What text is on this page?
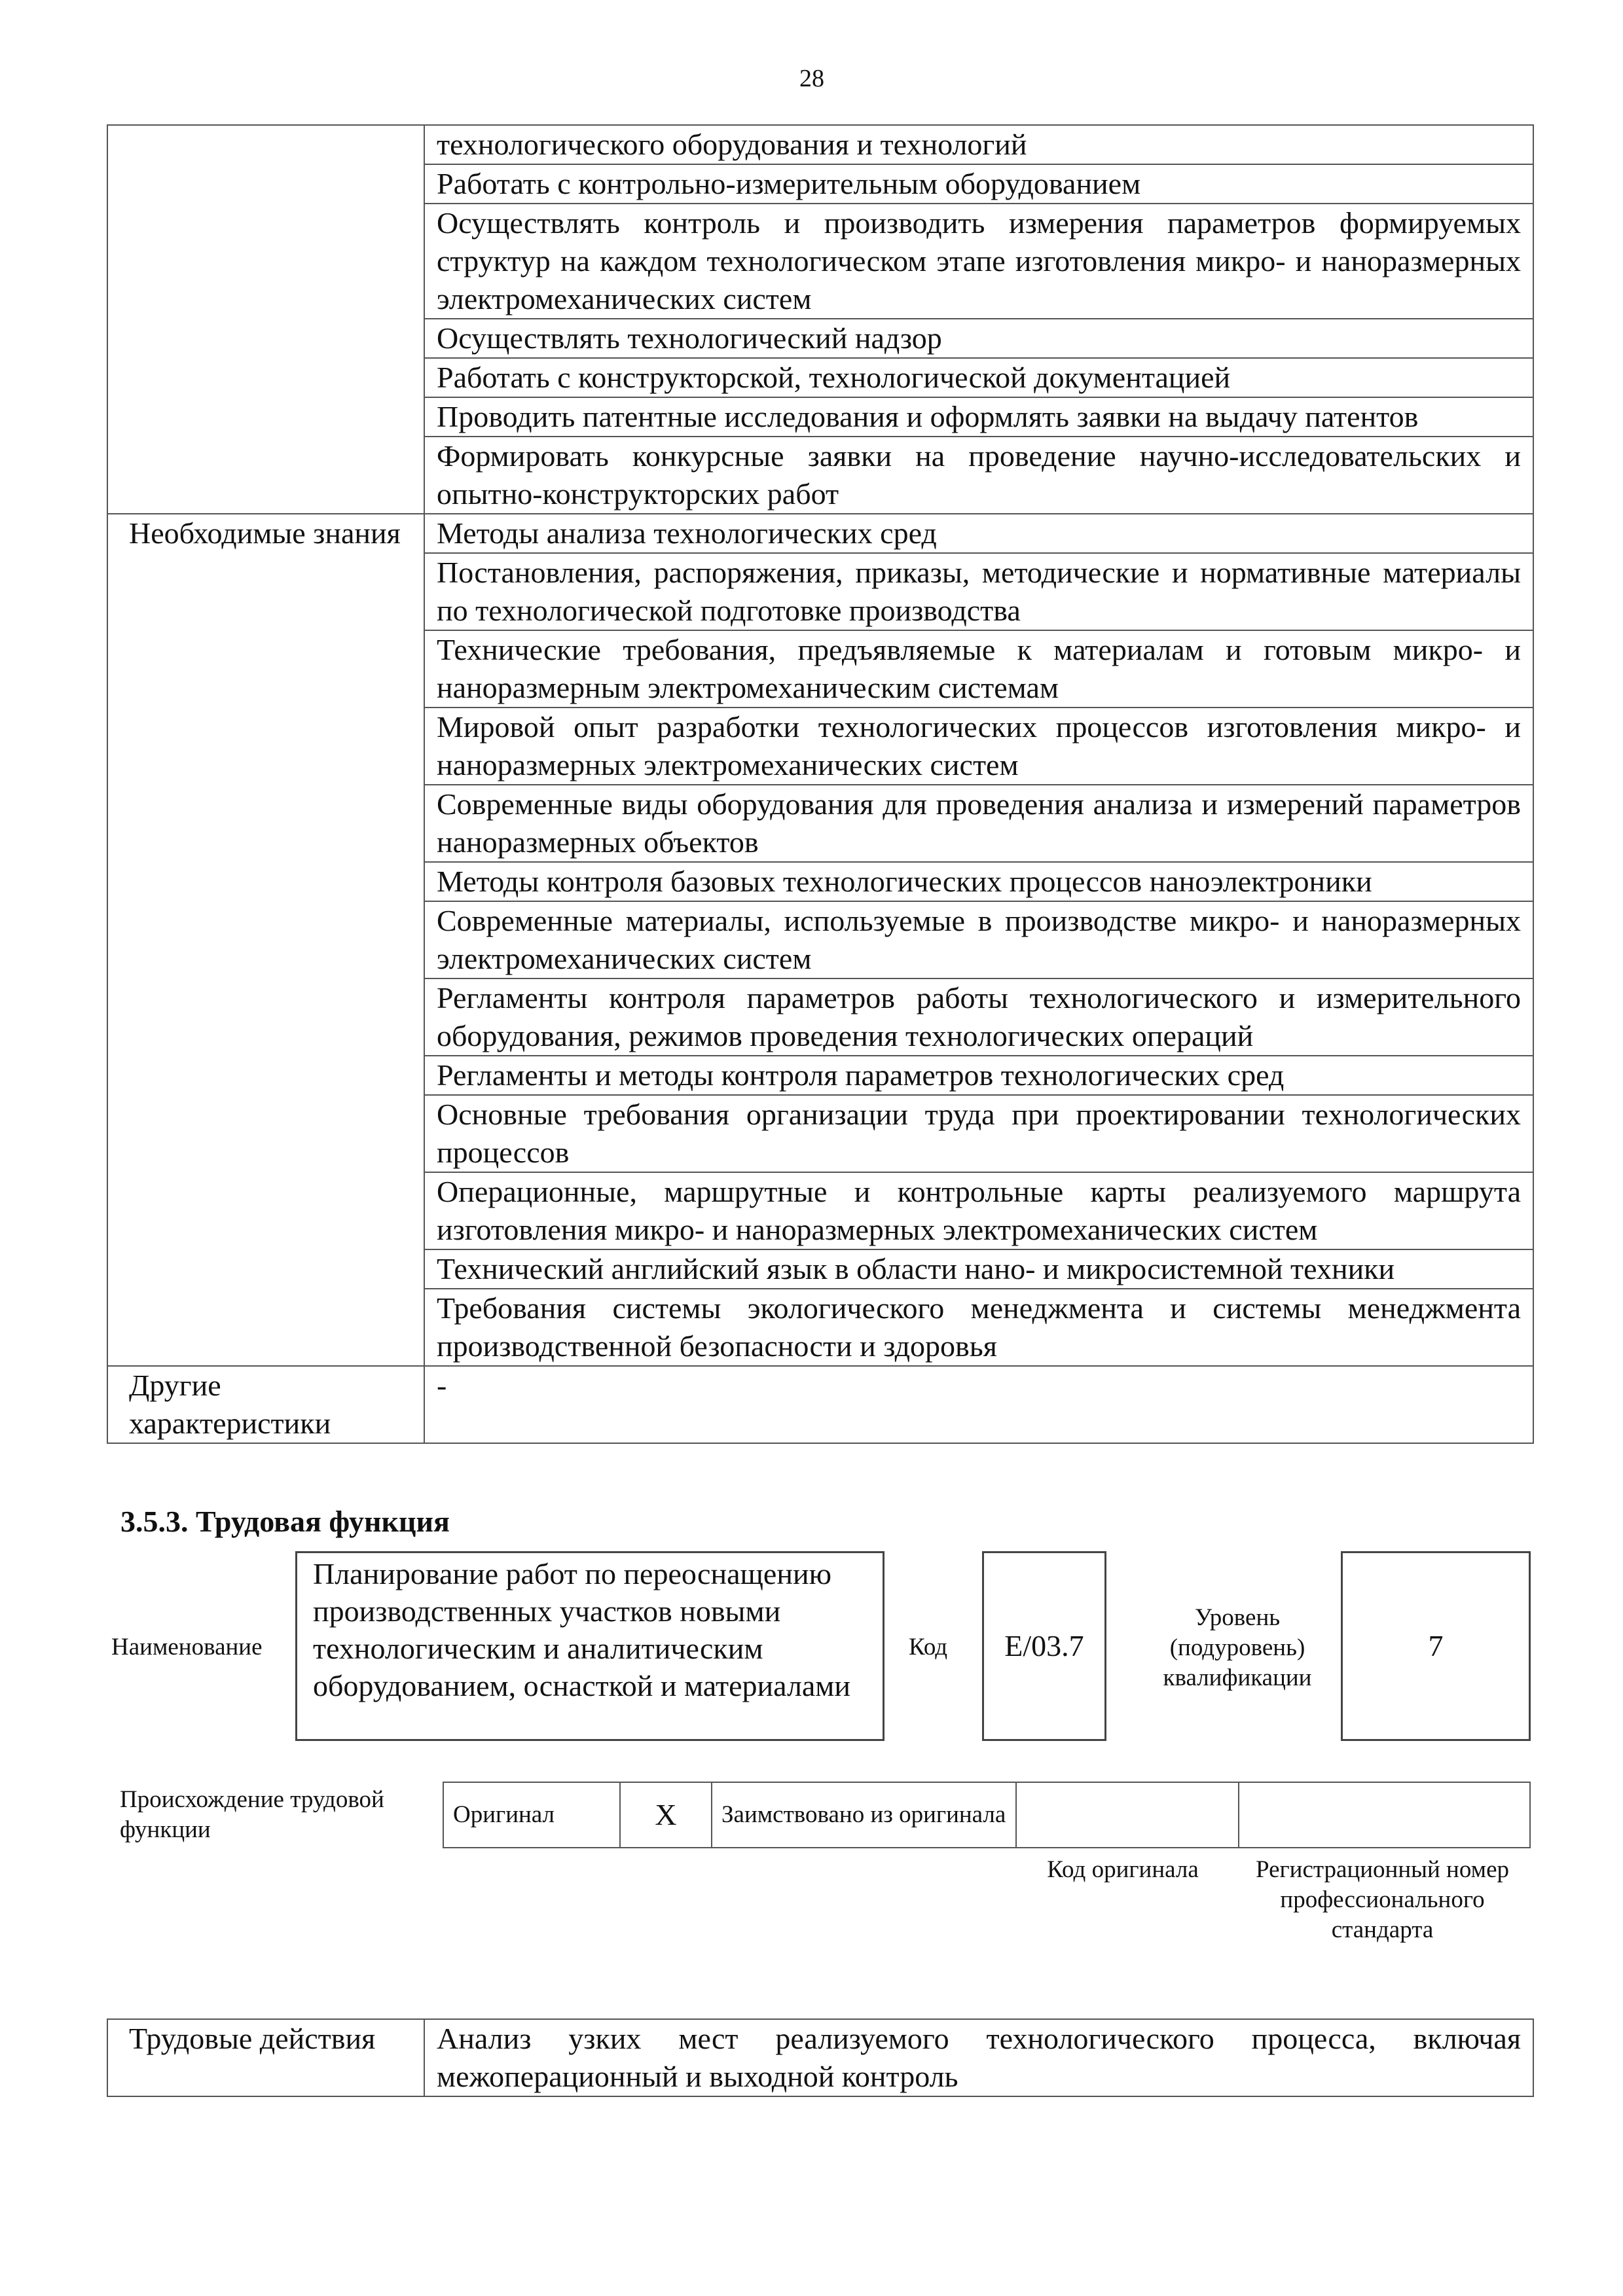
28
	технологического оборудования и технологий
	Работать с контрольно-измерительным оборудованием
	Осуществлять контроль и производить измерения параметров формируемых структур на каждом технологическом этапе изготовления микро- и наноразмерных электромеханических систем
	Осуществлять технологический надзор
	Работать с конструкторской, технологической документацией
	Проводить патентные исследования и оформлять заявки на выдачу патентов
	Формировать конкурсные заявки на проведение научно-исследовательских и опытно-конструкторских работ
Необходимые знания	Методы анализа технологических сред
	Постановления, распоряжения, приказы, методические и нормативные материалы по технологической подготовке производства
	Технические требования, предъявляемые к материалам и готовым микро- и наноразмерным электромеханическим системам
	Мировой опыт разработки технологических процессов изготовления микро- и наноразмерных электромеханических систем
	Современные виды оборудования для проведения анализа и измерений параметров наноразмерных объектов
	Методы контроля базовых технологических процессов наноэлектроники
	Современные материалы, используемые в производстве микро- и наноразмерных электромеханических систем
	Регламенты контроля параметров работы технологического и измерительного оборудования, режимов проведения технологических операций
	Регламенты и методы контроля параметров технологических сред
	Основные требования организации труда при проектировании технологических процессов
	Операционные, маршрутные и контрольные карты реализуемого маршрута изготовления микро- и наноразмерных электромеханических систем
	Технический английский язык в области нано- и микросистемной техники
	Требования системы экологического менеджмента и системы менеджмента производственной безопасности и здоровья
Другие характеристики	-
3.5.3. Трудовая функция
Наименование
Планирование работ по переоснащению производственных участков новыми технологическим и аналитическим оборудованием, оснасткой и материалами
Код	E/03.7
Уровень (подуровень) квалификации
7
Происхождение трудовой функции
Оригинал	X	Заимствовано из оригинала		
Код оригинала	Регистрационный номер профессионального стандарта
Трудовые действия	Анализ узких мест реализуемого технологического процесса, включая межоперационный и выходной контроль
